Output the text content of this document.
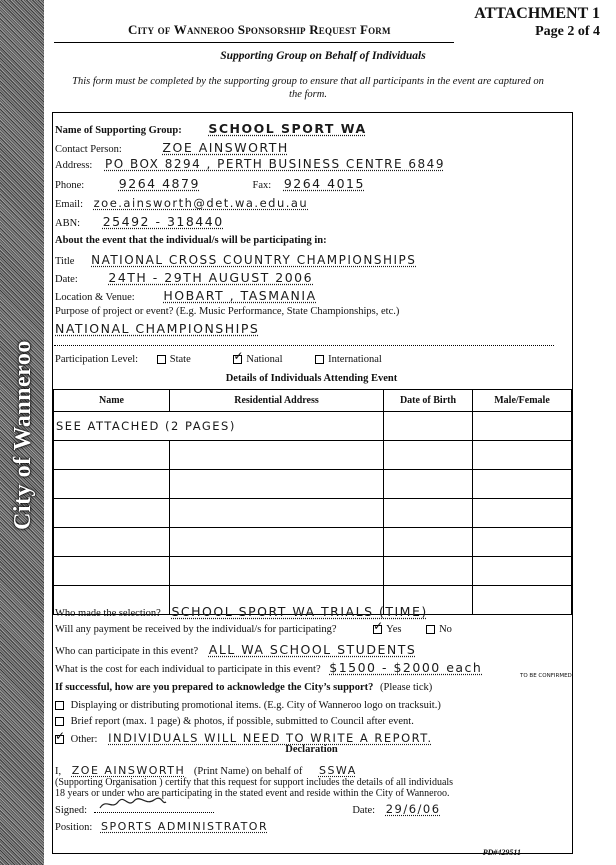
City of Wanneroo
ATTACHMENT 1
Page 2 of 4
City of Wanneroo Sponsorship Request Form
Supporting Group on Behalf of Individuals
This form must be completed by the supporting group to ensure that all participants in the event are captured on the form.
Name of Supporting Group: SCHOOL SPORT WA
Contact Person:	ZOE AINSWORTH
Address: PO BOX 8294 , PERTH BUSINESS CENTRE 6849
Phone:	9264 4879	Fax: 9264 4015
Email: zoe.ainsworth@det.wa.edu.au
ABN: 25492 - 318440
About the event that the individual/s will be participating in:
Title NATIONAL CROSS COUNTRY CHAMPIONSHIPS
Date: 24TH - 29TH AUGUST 2006
Location & Venue: HOBART , TASMANIA
Purpose of project or event? (E.g. Music Performance, State Championships, etc.)
NATIONAL CHAMPIONSHIPS
Participation Level:	State ✓	National	International
Details of Individuals Attending Event
Name	Residential Address	Date of Birth	Male/Female
SEE ATTACHED (2 PAGES)			

Who made the selection? SCHOOL SPORT WA TRIALS (TIME)
Will any payment be received by the individual/s for participating? ✓	Yes	No
Who can participate in this event? ALL WA SCHOOL STUDENTS
What is the cost for each individual to participate in this event? $1500 - $2000 each
TO BE CONFIRMED
If successful, how are you prepared to acknowledge the City’s support? (Please tick)
Displaying or distributing promotional items. (E.g. City of Wanneroo logo on tracksuit.)
Brief report (max. 1 page) & photos, if possible, submitted to Council after event.
✓ Other: INDIVIDUALS WILL NEED TO WRITE A REPORT.
Declaration
I, ZOE AINSWORTH (Print Name) on behalf of SSWA
(Supporting Organisation ) certify that this request for support includes the details of all individuals
18 years or under who are participating in the stated event and reside within the City of Wanneroo.
Signed:	Date: 29/6/06
Position: SPORTS ADMINISTRATOR
PD#429511
